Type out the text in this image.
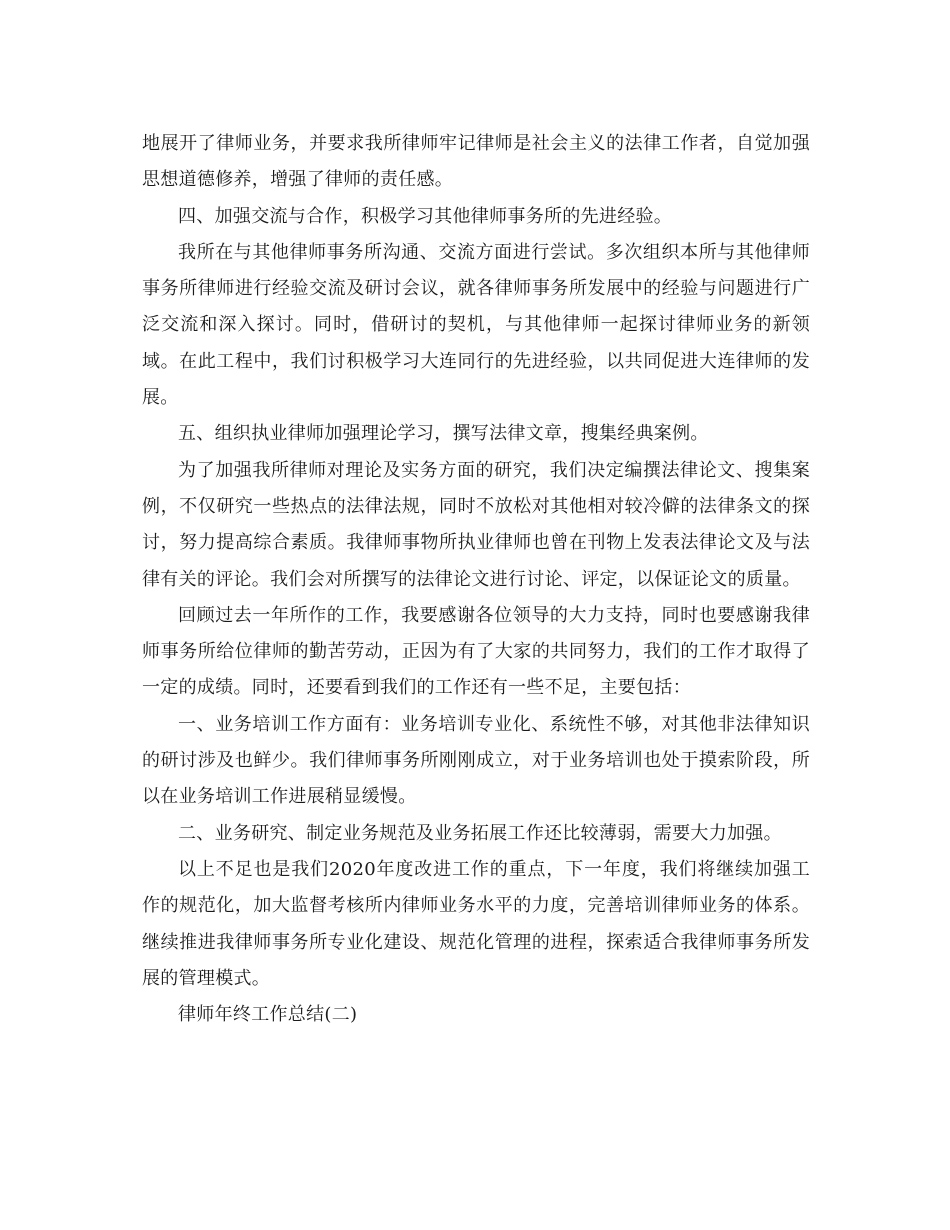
地展开了律师业务，并要求我所律师牢记律师是社会主义的法律工作者，自觉加强思想道德修养，增强了律师的责任感。

四、加强交流与合作，积极学习其他律师事务所的先进经验。

我所在与其他律师事务所沟通、交流方面进行尝试。多次组织本所与其他律师事务所律师进行经验交流及研讨会议，就各律师事务所发展中的经验与问题进行广泛交流和深入探讨。同时，借研讨的契机，与其他律师一起探讨律师业务的新领域。在此工程中，我们讨积极学习大连同行的先进经验，以共同促进大连律师的发展。

五、组织执业律师加强理论学习，撰写法律文章，搜集经典案例。

为了加强我所律师对理论及实务方面的研究，我们决定编撰法律论文、搜集案例，不仅研究一些热点的法律法规，同时不放松对其他相对较冷僻的法律条文的探讨，努力提高综合素质。我律师事物所执业律师也曾在刊物上发表法律论文及与法律有关的评论。我们会对所撰写的法律论文进行讨论、评定，以保证论文的质量。

回顾过去一年所作的工作，我要感谢各位领导的大力支持，同时也要感谢我律师事务所给位律师的勤苦劳动，正因为有了大家的共同努力，我们的工作才取得了一定的成绩。同时，还要看到我们的工作还有一些不足，主要包括：

一、业务培训工作方面有：业务培训专业化、系统性不够，对其他非法律知识的研讨涉及也鲜少。我们律师事务所刚刚成立，对于业务培训也处于摸索阶段，所以在业务培训工作进展稍显缓慢。

二、业务研究、制定业务规范及业务拓展工作还比较薄弱，需要大力加强。

以上不足也是我们2020年度改进工作的重点，下一年度，我们将继续加强工作的规范化，加大监督考核所内律师业务水平的力度，完善培训律师业务的体系。继续推进我律师事务所专业化建设、规范化管理的进程，探索适合我律师事务所发展的管理模式。

律师年终工作总结(二)
